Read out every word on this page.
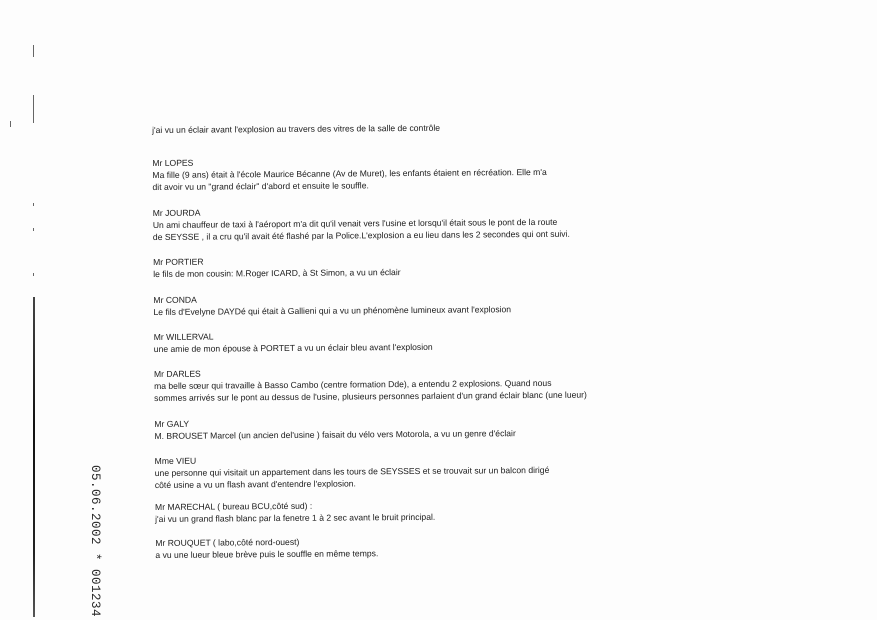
j'ai vu un éclair avant l'explosion au travers des vitres de la salle de contrôle
Mr LOPES
Ma fille (9 ans) était à l'école Maurice Bécanne (Av de Muret), les enfants étaient en récréation. Elle m'a
dit avoir vu un "grand éclair" d'abord et ensuite le souffle.
Mr JOURDA
Un ami chauffeur de taxi à l'aéroport m'a dit qu'il venait vers l'usine et lorsqu'il était sous le pont de la route
de SEYSSE , il a cru qu'il avait été flashé par la Police.L'explosion a eu lieu dans les 2 secondes qui ont suivi.
Mr PORTIER
le fils de mon cousin: M.Roger ICARD, à St Simon, a vu un éclair
Mr CONDA
Le fils d'Evelyne DAYDé qui était à Gallieni qui a vu un phénomène lumineux avant l'explosion
Mr WILLERVAL
une amie de mon épouse à PORTET a vu un éclair bleu avant l'explosion
Mr DARLES
ma belle sœur qui travaille à Basso Cambo (centre formation Dde), a entendu 2 explosions. Quand nous
sommes arrivés sur le pont au dessus de l'usine, plusieurs personnes parlaient d'un grand éclair blanc (une lueur)
Mr GALY
M. BROUSET Marcel (un ancien del'usine ) faisait du vélo vers Motorola, a vu un genre d'éclair
Mme VIEU
une personne qui visitait un appartement dans les tours de SEYSSES et se trouvait sur un balcon dirigé
côté usine a vu un flash avant d'entendre l'explosion.
Mr MARECHAL ( bureau BCU,côté sud) :
j'ai vu un grand flash blanc par la fenetre 1 à 2 sec avant le bruit principal.
Mr ROUQUET ( labo,côté nord-ouest)
a vu une lueur bleue brève puis le souffle en même temps.
05.06.2002 * 001234
